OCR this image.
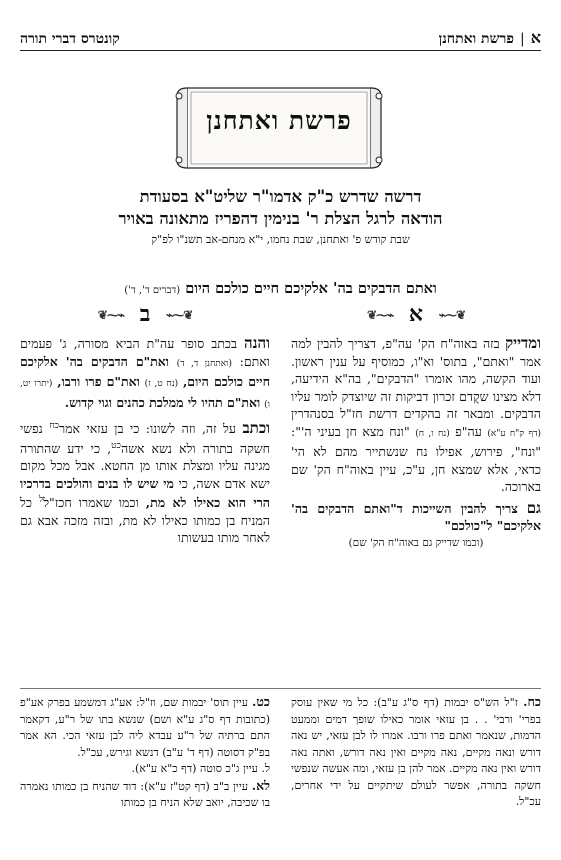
א
|
פרשת ואתחנן
קונטרס דברי תורה
פרשת ואתחנן
דרשה שדרש כ"ק אדמו"ר שליט"א בסעודת
הודאה לרגל הצלת ר' בנימין דהפריז מתאונה באויר
שבת קודש פ' ואתחנן, שבת נחמו, י"א מנחם-אב תשנ"ו לפ"ק
ואתם הדבקים בה' אלקיכם חיים כולכם היום (דברים ד', ד')
❦⁓⌁ א ⌁⁓❦
ומדייק בזה באוה"ח הק' עה"פ, דצריך להבין למה אמר "ואתם", בתוס' וא"ו, כמוסיף על ענין ראשון. ועוד הקשה, מהו אומרו "הדבקים", בה"א הידיעה, דלא מצינו שקֻדם זכרון דביקות זה שיוצדק לומר עליו הדבקים. ומבאר זה בהקדים דרשת חז"ל בסנהדרין (דף ק"ח ע"א) עה"פ (נח ו, ח) "ונח מצא חן בעיני ה'": "ונח", פירוש, אפילו נח שנשתייר מהם לא הי' כדאי, אלא שמצא חן, ע"כ, עיין באוה"ח הק' שם בארוכה.
גם צריך להבין השייכות ד"ואתם הדבקים בה' אלקיכם" ל"כולכם"
(וכמו שדייק גם באוה"ח הק' שם)
❦⁓⌁ ב ⌁⁓❦
והנה בכתב סופר עה"ת הביא מסורה, ג' פעמים ואתם: (ואתחנן ד, ד) ואת"ם הדבקים בה' אלקיכם חיים כולכם היום, (נח ט, ז) ואת"ם פרו ורבו, (יתרו יט, ו) ואת"ם תהיו לי ממלכת כהנים וגוי קדוש.
וכתב על זה, וזה לשונו: כי בן עזאי אמר$^{כח}$ נפשי חשקה בתורה ולא נשא אשה$^{כט}$, כי ידע שהתורה מגינה עליו ומצלת אותו מן החטא. אבל מכל מקום ישא אדם אשה, כי מי שיש לו בנים והולכים בדרכיו הרי הוא כאילו לא מת, וכמו שאמרו חכז"ל$^ל$ כל המניח בן כמותו כאילו לא מת, ובזה מזכה אבא גם לאחר מותו בעשותו
כח. ז"ל הש"ס יבמות (דף ס"ג ע"ב): כל מי שאין עוסק בפרי' ורבי' . . בן עזאי אומר כאילו שופך דמים וממעט הדמות, שנאמר ואתם פרו ורבו. אמרו לו לבן עזאי, יש נאה דורש ונאה מקיים, נאה מקיים ואין נאה דורש, ואתה נאה דורש ואין נאה מקיים. אמר להן בן עזאי, ומה אעשה שנפשי חשקה בתורה, אפשר לעולם שיתקיים על ידי אחרים, עכ"ל.
כט. עיין תוס' יבמות שם, וז"ל: אע"ג דמשמע בפרק אע"פ (כתובות דף ס"ג ע"א ושם) שנשא בתו של ר"ע, דקאמר התם ברתיה של ר"ע עבדא ליה לבן עזאי הכי. הא אמר בפ"ק דסוטה (דף ד' ע"ב) דנשא וגירש, עכ"ל.
ל. עיין ג"כ סוטה (דף כ"א ע"א).
לא. עיין ב"ב (דף קט"ז ע"א): דוד שהניח בן כמותו נאמרה בו שכיבה, יואב שלא הניח בן כמותו
